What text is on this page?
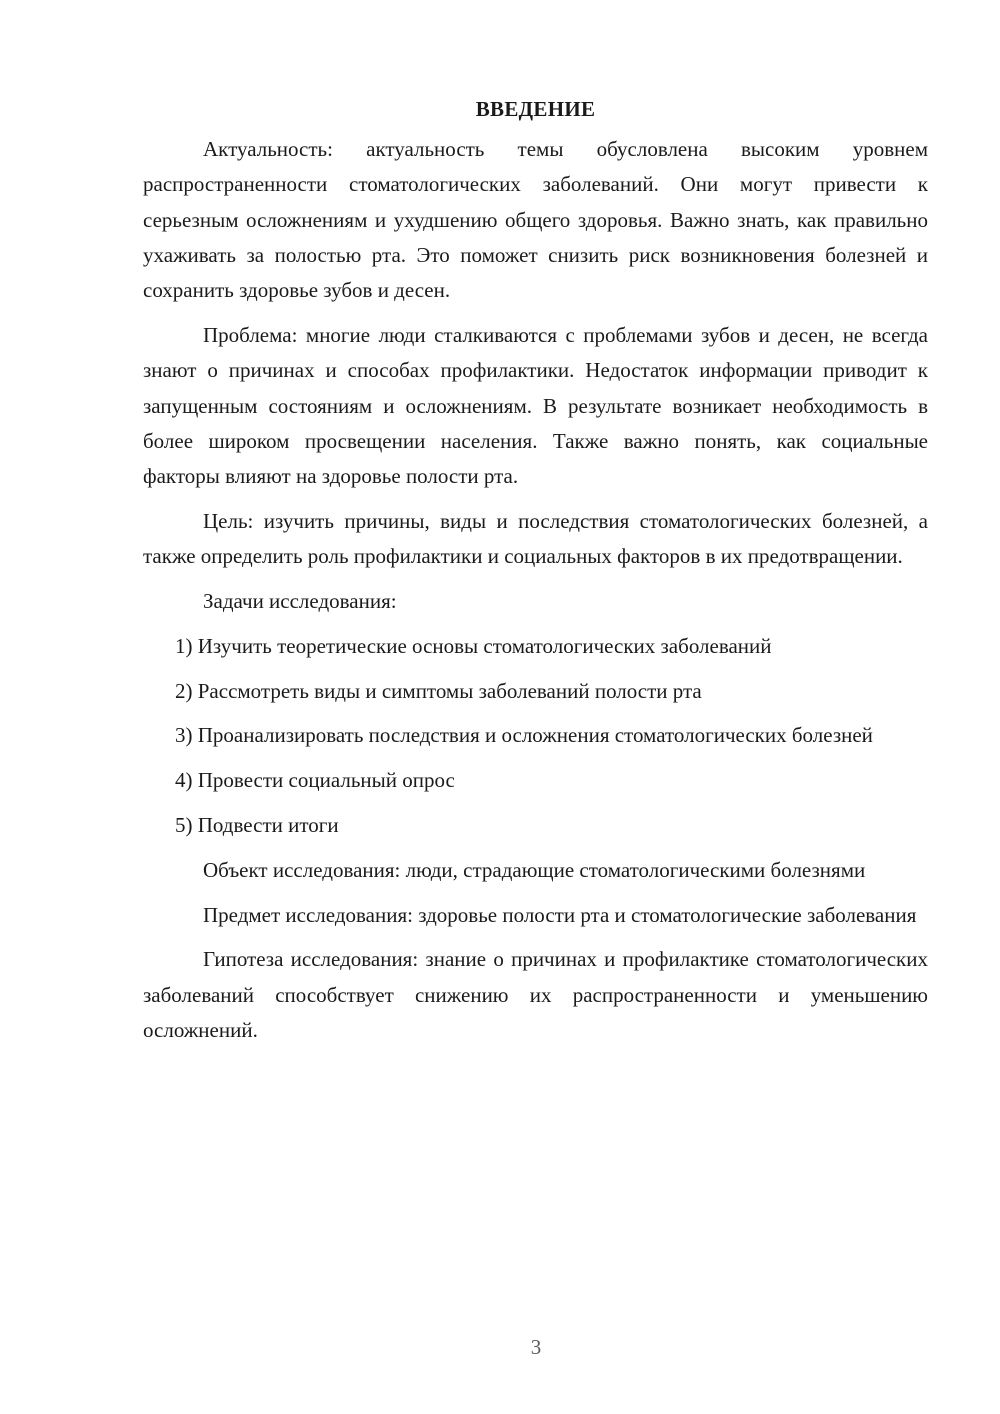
ВВЕДЕНИЕ

Актуальность: актуальность темы обусловлена высоким уровнем распространенности стоматологических заболеваний. Они могут привести к серьезным осложнениям и ухудшению общего здоровья. Важно знать, как правильно ухаживать за полостью рта. Это поможет снизить риск возникновения болезней и сохранить здоровье зубов и десен.

Проблема: многие люди сталкиваются с проблемами зубов и десен, не всегда знают о причинах и способах профилактики. Недостаток информации приводит к запущенным состояниям и осложнениям. В результате возникает необходимость в более широком просвещении населения. Также важно понять, как социальные факторы влияют на здоровье полости рта.

Цель: изучить причины, виды и последствия стоматологических болезней, а также определить роль профилактики и социальных факторов в их предотвращении.

Задачи исследования:

1) Изучить теоретические основы стоматологических заболеваний

2) Рассмотреть виды и симптомы заболеваний полости рта

3) Проанализировать последствия и осложнения стоматологических болезней

4) Провести социальный опрос

5) Подвести итоги

Объект исследования: люди, страдающие стоматологическими болезнями

Предмет исследования: здоровье полости рта и стоматологические заболевания

Гипотеза исследования: знание о причинах и профилактике стоматологических заболеваний способствует снижению их распространенности и уменьшению осложнений.

3
